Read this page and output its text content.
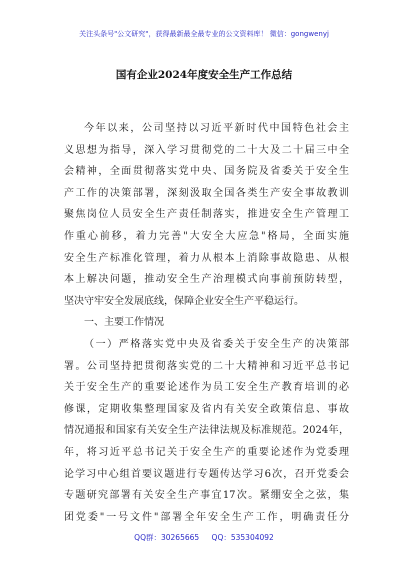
关注头条号"公文研究"，获得最新最全最专业的公文资料库！ 微信：gongwenyj
国有企业2024年度安全生产工作总结
今年以来，公司坚持以习近平新时代中国特色社会主
义思想为指导，深入学习贯彻党的二十大及二十届三中全
会精神，全面贯彻落实党中央、国务院及省委关于安全生
产工作的决策部署，深刻汲取全国各类生产安全事故教训
聚焦岗位人员安全生产责任制落实，推进安全生产管理工
作重心前移，着力完善"大安全大应急"格局，全面实施
安全生产标准化管理，着力从根本上消除事故隐患、从根
本上解决问题，推动安全生产治理模式向事前预防转型，
坚决守牢安全发展底线，保障企业安全生产平稳运行。
一、主要工作情况
（一）严格落实党中央及省委关于安全生产的决策部
署。公司坚持把贯彻落实党的二十大精神和习近平总书记
关于安全生产的重要论述作为员工安全生产教育培训的必
修课，定期收集整理国家及省内有关安全政策信息、事故
情况通报和国家有关安全生产法律法规及标准规范。2024年，
年，将习近平总书记关于安全生产的重要论述作为党委理
论学习中心组首要议题进行专题传达学习6次，召开党委会
专题研究部署有关安全生产事宜17次。紧绷安全之弦，集
团党委"一号文件"部署全年安全生产工作，明确责任分
QQ群：30265665 QQ：535304092
